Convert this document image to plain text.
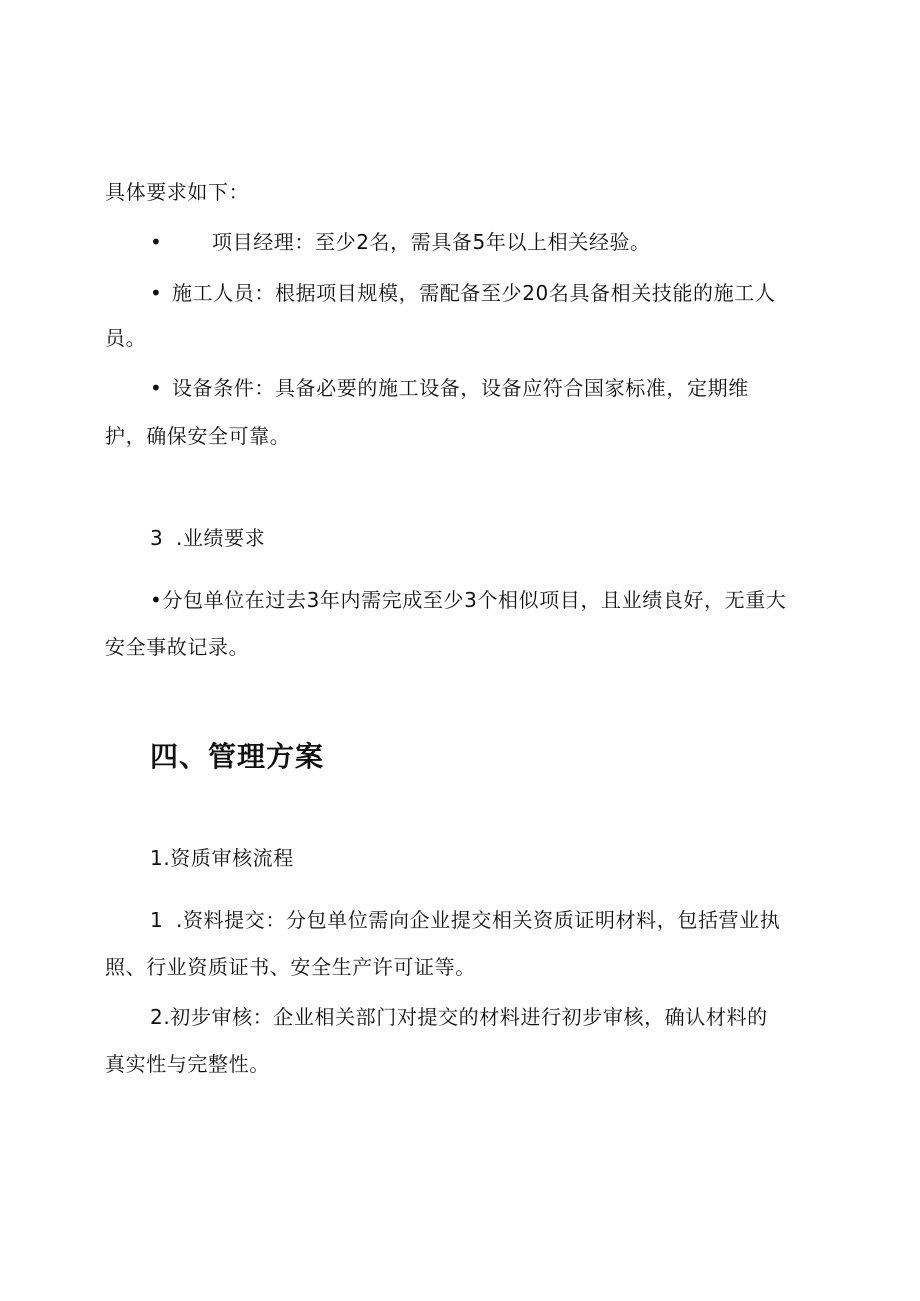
具体要求如下：
• 项目经理：至少2名，需具备5年以上相关经验。
• 施工人员：根据项目规模，需配备至少20名具备相关技能的施工人
员。
• 设备条件：具备必要的施工设备，设备应符合国家标准，定期维
护，确保安全可靠。
3 .业绩要求
•分包单位在过去3年内需完成至少3个相似项目，且业绩良好，无重大
安全事故记录。
四、管理方案
1.资质审核流程
1 .资料提交：分包单位需向企业提交相关资质证明材料，包括营业执
照、行业资质证书、安全生产许可证等。
2.初步审核：企业相关部门对提交的材料进行初步审核，确认材料的
真实性与完整性。
